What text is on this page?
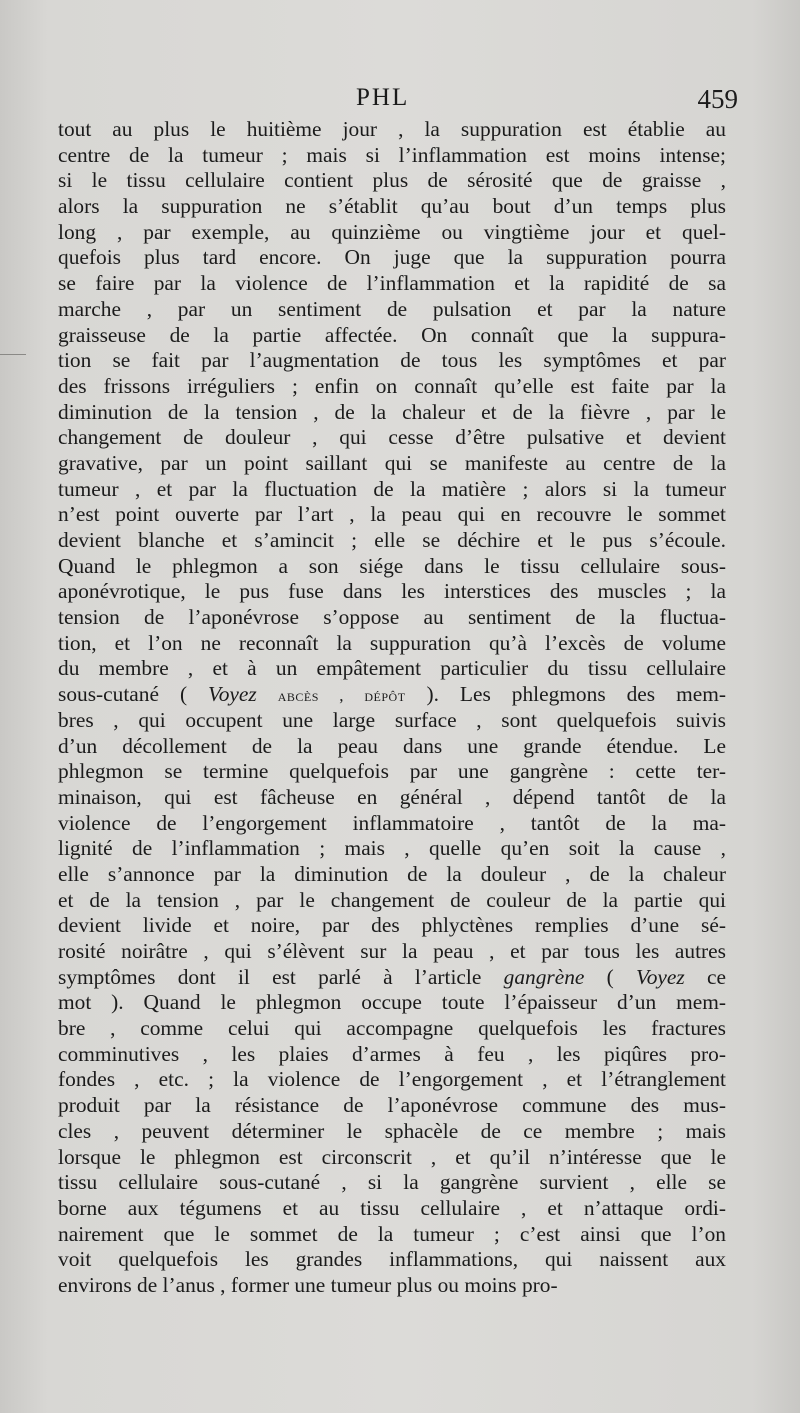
PHL	459
tout au plus le huitième jour , la suppuration est établie au
centre de la tumeur ; mais si l’inflammation est moins intense;
si le tissu cellulaire contient plus de sérosité que de graisse ,
alors la suppuration ne s’établit qu’au bout d’un temps plus
long , par exemple, au quinzième ou vingtième jour et quel-
quefois plus tard encore. On juge que la suppuration pourra
se faire par la violence de l’inflammation et la rapidité de sa
marche , par un sentiment de pulsation et par la nature
graisseuse de la partie affectée. On connaît que la suppura-
tion se fait par l’augmentation de tous les symptômes et par
des frissons irréguliers ; enfin on connaît qu’elle est faite par la
diminution de la tension , de la chaleur et de la fièvre , par le
changement de douleur , qui cesse d’être pulsative et devient
gravative, par un point saillant qui se manifeste au centre de la
tumeur , et par la fluctuation de la matière ; alors si la tumeur
n’est point ouverte par l’art , la peau qui en recouvre le sommet
devient blanche et s’amincit ; elle se déchire et le pus s’écoule.
Quand le phlegmon a son siége dans le tissu cellulaire sous-
aponévrotique, le pus fuse dans les interstices des muscles ; la
tension de l’aponévrose s’oppose au sentiment de la fluctua-
tion, et l’on ne reconnaît la suppuration qu’à l’excès de volume
du membre , et à un empâtement particulier du tissu cellulaire
sous-cutané ( Voyez abcès , dépôt ). Les phlegmons des mem-
bres , qui occupent une large surface , sont quelquefois suivis
d’un décollement de la peau dans une grande étendue. Le
phlegmon se termine quelquefois par une gangrène : cette ter-
minaison, qui est fâcheuse en général , dépend tantôt de la
violence de l’engorgement inflammatoire , tantôt de la ma-
lignité de l’inflammation ; mais , quelle qu’en soit la cause ,
elle s’annonce par la diminution de la douleur , de la chaleur
et de la tension , par le changement de couleur de la partie qui
devient livide et noire, par des phlyctènes remplies d’une sé-
rosité noirâtre , qui s’élèvent sur la peau , et par tous les autres
symptômes dont il est parlé à l’article gangrène ( Voyez ce
mot ). Quand le phlegmon occupe toute l’épaisseur d’un mem-
bre , comme celui qui accompagne quelquefois les fractures
comminutives , les plaies d’armes à feu , les piqûres pro-
fondes , etc. ; la violence de l’engorgement , et l’étranglement
produit par la résistance de l’aponévrose commune des mus-
cles , peuvent déterminer le sphacèle de ce membre ; mais
lorsque le phlegmon est circonscrit , et qu’il n’intéresse que le
tissu cellulaire sous-cutané , si la gangrène survient , elle se
borne aux tégumens et au tissu cellulaire , et n’attaque ordi-
nairement que le sommet de la tumeur ; c’est ainsi que l’on
voit quelquefois les grandes inflammations, qui naissent aux
environs de l’anus , former une tumeur plus ou moins pro-
